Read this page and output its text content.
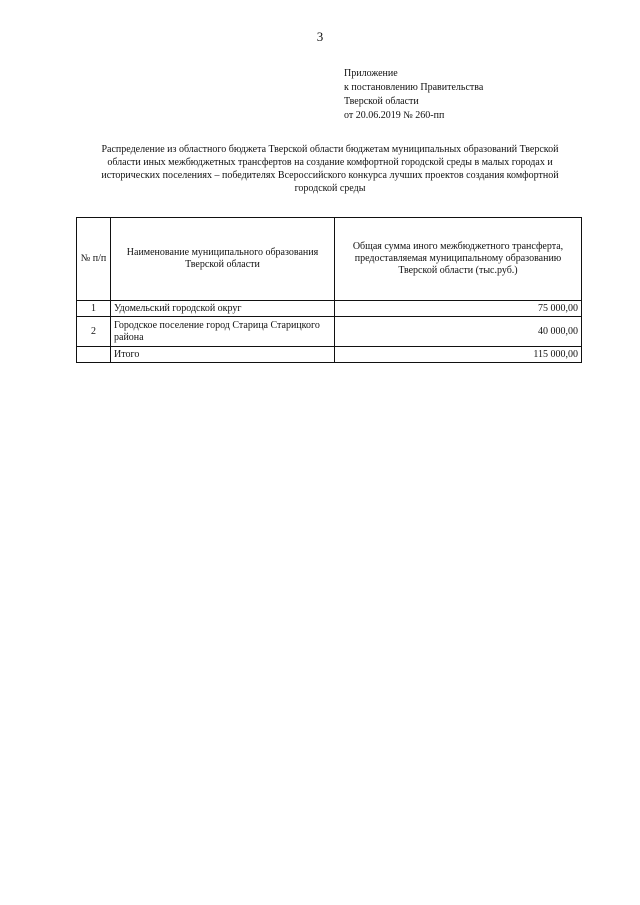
3
Приложение
к постановлению Правительства
Тверской области
от 20.06.2019 № 260-пп
Распределение из областного бюджета Тверской области бюджетам муниципальных образований Тверской
области иных межбюджетных трансфертов на создание комфортной городской среды в малых городах и
исторических поселениях – победителях Всероссийского конкурса лучших проектов создания комфортной
городской среды
№ п/п	Наименование муниципального образования Тверской области	Общая сумма иного межбюджетного трансферта, предоставляемая муниципальному образованию Тверской области (тыс.руб.)
1	Удомельский городской округ	75 000,00
2	Городское поселение город Старица Старицкого района	40 000,00
	Итого	115 000,00
